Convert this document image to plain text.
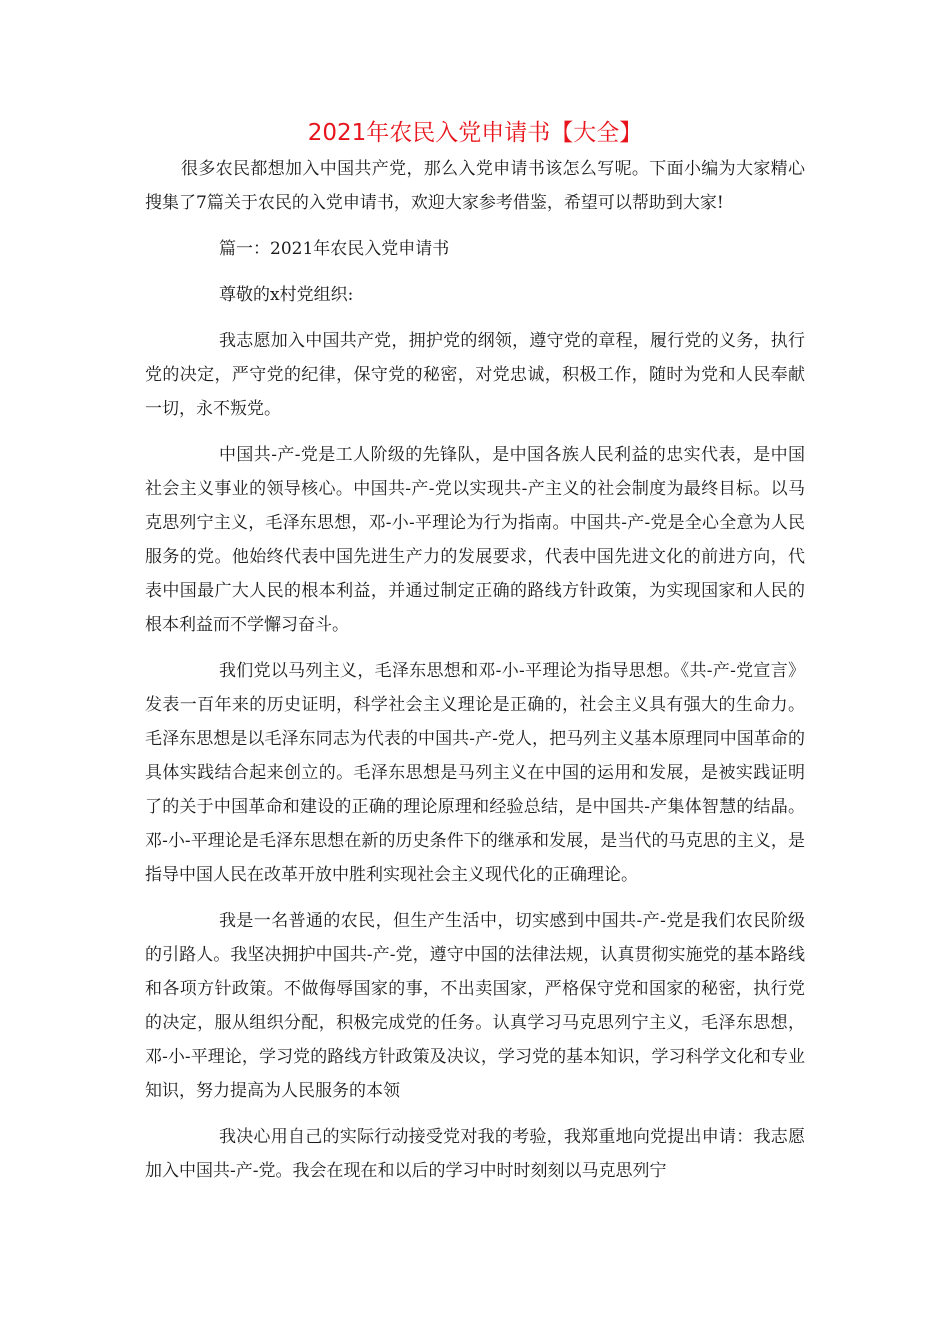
2021年农民入党申请书【大全】

很多农民都想加入中国共产党，那么入党申请书该怎么写呢。下面小编为大家精心搜集了7篇关于农民的入党申请书，欢迎大家参考借鉴，希望可以帮助到大家!

篇一：2021年农民入党申请书

尊敬的x村党组织:

我志愿加入中国共产党，拥护党的纲领，遵守党的章程，履行党的义务，执行党的决定，严守党的纪律，保守党的秘密，对党忠诚，积极工作，随时为党和人民奉献一切，永不叛党。

中国共-产-党是工人阶级的先锋队，是中国各族人民利益的忠实代表，是中国社会主义事业的领导核心。中国共-产-党以实现共-产主义的社会制度为最终目标。以马克思列宁主义，毛泽东思想，邓-小-平理论为行为指南。中国共-产-党是全心全意为人民服务的党。他始终代表中国先进生产力的发展要求，代表中国先进文化的前进方向，代表中国最广大人民的根本利益，并通过制定正确的路线方针政策，为实现国家和人民的根本利益而不学懈习奋斗。

我们党以马列主义，毛泽东思想和邓-小-平理论为指导思想。《共-产-党宣言》发表一百年来的历史证明，科学社会主义理论是正确的，社会主义具有强大的生命力。毛泽东思想是以毛泽东同志为代表的中国共-产-党人，把马列主义基本原理同中国革命的具体实践结合起来创立的。毛泽东思想是马列主义在中国的运用和发展，是被实践证明了的关于中国革命和建设的正确的理论原理和经验总结，是中国共-产集体智慧的结晶。邓-小-平理论是毛泽东思想在新的历史条件下的继承和发展，是当代的马克思的主义，是指导中国人民在改革开放中胜利实现社会主义现代化的正确理论。

我是一名普通的农民，但生产生活中，切实感到中国共-产-党是我们农民阶级的引路人。我坚决拥护中国共-产-党，遵守中国的法律法规，认真贯彻实施党的基本路线和各项方针政策。不做侮辱国家的事，不出卖国家，严格保守党和国家的秘密，执行党的决定，服从组织分配，积极完成党的任务。认真学习马克思列宁主义，毛泽东思想，邓-小-平理论，学习党的路线方针政策及决议，学习党的基本知识，学习科学文化和专业知识，努力提高为人民服务的本领

我决心用自己的实际行动接受党对我的考验，我郑重地向党提出申请：我志愿加入中国共-产-党。我会在现在和以后的学习中时时刻刻以马克思列宁
